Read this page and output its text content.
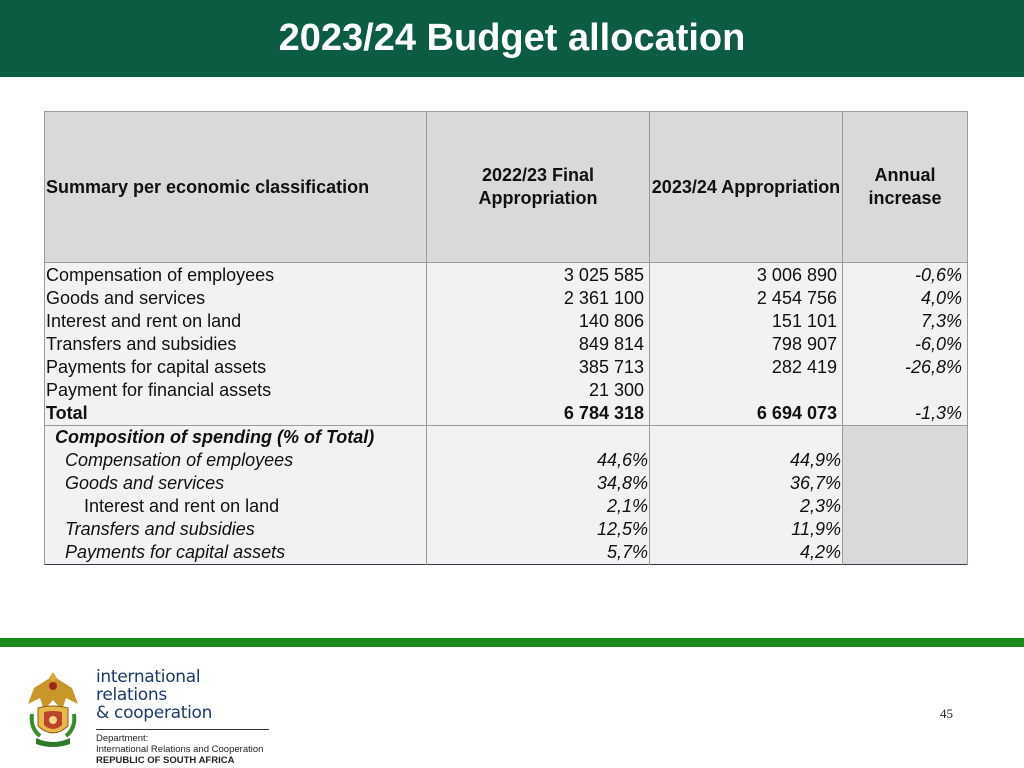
2023/24 Budget allocation
Summary per economic classification	2022/23 Final Appropriation	2023/24 Appropriation	Annual increase
Compensation of employees	3 025 585	3 006 890	-0,6%
Goods and services	2 361 100	2 454 756	4,0%
Interest and rent on land	140 806	151 101	7,3%
Transfers and subsidies	849 814	798 907	-6,0%
Payments for capital assets	385 713	282 419	-26,8%
Payment for financial assets	21 300		
Total	6 784 318	6 694 073	-1,3%
Composition of spending (% of Total)			
Compensation of employees	44,6%	44,9%	
Goods and services	34,8%	36,7%	
Interest and rent on land	2,1%	2,3%	
Transfers and subsidies	12,5%	11,9%	
Payments for capital assets	5,7%	4,2%	
international relations
& cooperation
Department:
International Relations and Cooperation
REPUBLIC OF SOUTH AFRICA
45
